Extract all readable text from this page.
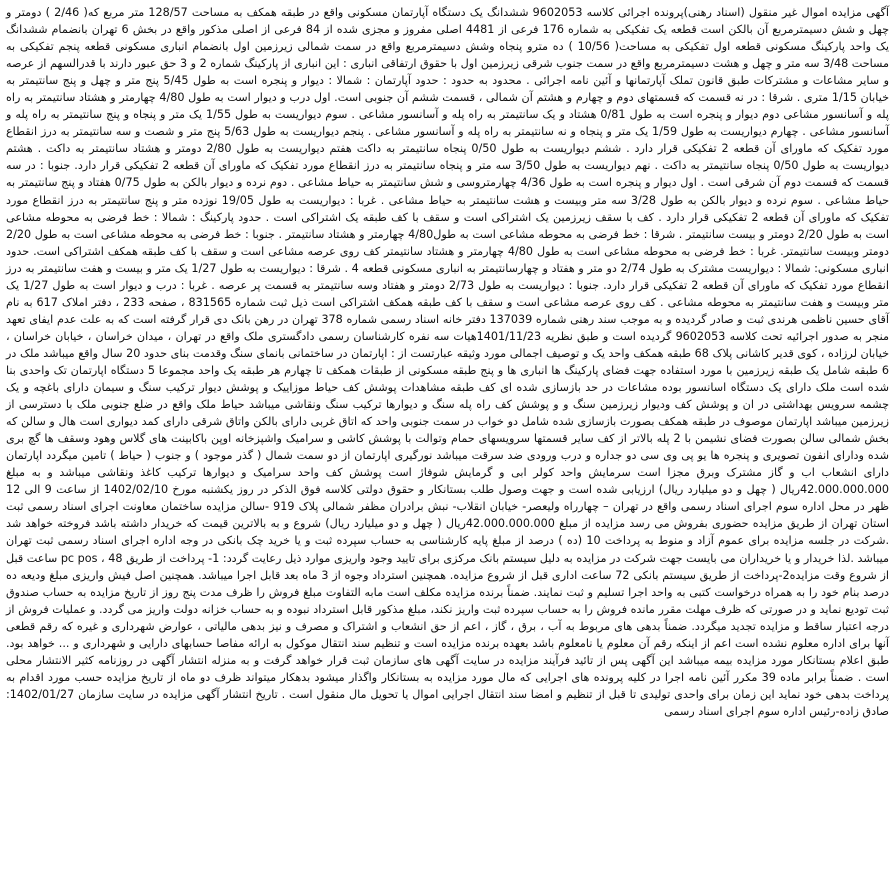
آگهی مزایده اموال غیر منقول (اسناد رهنی)پرونده اجرائی کلاسه 9602053 ششدانگ یک دستگاه آپارتمان مسکونی واقع در طبقه همکف به مساحت 128/57 متر مربع که( 2/46 ) دومتر و چهل و شش دسیمترمربع آن بالکن است قطعه یک تفکیکی به شماره 176 فرعی از 4481 اصلی مفروز و مجزی شده از 84 فرعی از اصلی مذکور واقع در بخش 6 تهران بانضمام ششدانگ یک واحد پارکینگ مسکونی قطعه اول تفکیکی به مساحت( 10/56 ) ده مترو پنجاه وشش دسیمترمربع واقع در سمت شمالی زیرزمین اول بانضمام انباری مسکونی قطعه پنجم تفکیکی به مساحت 3/48 سه متر و چهل و هشت دسیمترمربع واقع در سمت جنوب شرقی زیرزمین اول با حقوق ارتفاقی انباری : این انباری از پارکینگ شماره 2 و 3 حق عبور دارند با قدرالسهم از عرصه و سایر مشاعات و مشترکات طبق قانون تملک آپارتمانها و آئین نامه اجرائی . محدود به حدود : حدود آپارتمان : شمالا : دیوار و پنجره است به طول 5/45 پنج متر و چهل و پنج سانتیمتر به خیابان 1/15 متری . شرقا : در نه قسمت که قسمتهای دوم و چهارم و هشتم آن شمالی ، قسمت ششم آن جنوبی است. اول درب و دیوار است به طول 4/80 چهارمتر و هشتاد سانتیمتر به راه پله و آسانسور مشاعی دوم دیوار و پنجره است به طول 0/81 هشتاد و یک سانتیمتر به راه پله و آسانسور مشاعی . سوم دیواریست به طول 1/55 یک متر و پنجاه و پنج سانتیمتر به راه پله و آسانسور مشاعی . چهارم دیواریست به طول 1/59 یک متر و پنجاه و نه سانتیمتر به راه پله و آسانسور مشاعی . پنجم دیواریست به طول 5/63 پنج متر و شصت و سه سانتیمتر به درز انقطاع مورد تفکیک که ماورای آن قطعه 2 تفکیکی قرار دارد . ششم دیواریست به طول 0/50 پنجاه سانتیمتر به داکت هفتم دیواریست به طول 2/80 دومتر و هشتاد سانتیمتر به داکت . هشتم دیواریست به طول 0/50 پنجاه سانتیمتر به داکت . نهم دیواریست به طول 3/50 سه متر و پنجاه سانتیمتر به درز انقطاع مورد تفکیک که ماورای آن قطعه 2 تفکیکی قرار دارد. جنوبا : در سه قسمت که قسمت دوم آن شرقی است . اول دیوار و پنجره است به طول 4/36 چهارمتروسی و شش سانتیمتر به حیاط مشاعی . دوم نرده و دیوار بالکن به طول 0/75 هفتاد و پنج سانتیمتر به حیاط مشاعی . سوم نرده و دیوار بالکن به طول 3/28 سه متر وبیست و هشت سانتیمتر به حیاط مشاعی . غربا : دیواریست به طول 19/05 نوزده متر و پنج سانتیمتر به درز انقطاع مورد تفکیک که ماورای آن قطعه 2 تفکیکی قرار دارد . کف با سقف زیرزمین یک اشتراکی است و سقف با کف طبقه یک اشتراکی است . حدود پارکینگ : شمالا : خط فرضی به محوطه مشاعی است به طول 2/20 دومتر و بیست سانتیمتر . شرقا : خط فرضی به محوطه مشاعی است به طول4/80 چهارمتر و هشتاد سانتیمتر . جنوبا : خط فرضی به محوطه مشاعی است به طول 2/20 دومتر وبیست سانتیمتر. غربا : خط فرضی به محوطه مشاعی است به طول 4/80 چهارمتر و هشتاد سانتیمتر کف روی عرصه مشاعی است و سقف با کف طبقه همکف اشتراکی است. حدود انباری مسکونی: شمالا : دیواریست مشترک به طول 2/74 دو متر و هفتاد و چهارسانتیمتر به انباری مسکونی قطعه 4 . شرقا : دیواریست به طول 1/27 یک متر و بیست و هفت سانتیمتر به درز انقطاع مورد تفکیک که ماورای آن قطعه 2 تفکیکی قرار دارد. جنوبا : دیواریست به طول 2/73 دومتر و هفتاد وسه سانتیمتر به قسمت پر عرصه . غربا : درب و دیوار است به طول 1/27 یک متر وبیست و هفت سانتیمتر به محوطه مشاعی . کف روی عرصه مشاعی است و سقف با کف طبقه همکف اشتراکی است ذیل ثبت شماره 831565 ، صفحه 233 ، دفتر املاک 617 به نام آقای حسین ناظمی هرندی ثبت و صادر گردیده و به موجب سند رهنی شماره 137039 دفتر خانه اسناد رسمی شماره 378 تهران در رهن بانک دی قرار گرفته است که به علت عدم ایفای تعهد منجر به صدور اجرائیه تحت کلاسه 9602053 گردیده است و طبق نظریه 1401/11/23هیات سه نفره کارشناسان رسمی دادگستری ملک واقع در تهران ، میدان خراسان ، خیابان خراسان ، خیابان لرزاده ، کوی قدیر کاشانی پلاک 68 طبقه همکف واحد یک و توصیف اجمالی مورد وثیقه عبارتست از : اپارتمان در ساختمانی بانمای سنگ وقدمت بنای حدود 20 سال واقع میباشد ملک در 6 طبقه شامل یک طبقه زیرزمین با مورد استفاده جهت فضای پارکینگ ها انباری ها و پنج طبقه مسکونی از طبقات همکف تا چهارم هر طبقه یک واحد مجموعا 5 دستگاه اپارتمان تک واحدی بنا شده است ملک دارای یک دستگاه اسانسور بوده مشاعات در حد بازسازی شده ای کف طبقه مشاهدات پوشش کف حیاط موزاییک و پوشش دیوار ترکیب سنگ و سیمان دارای باغچه و یک چشمه سرویس بهداشتی در ان و پوشش کف ودیوار زیرزمین سنگ و و پوشش کف راه پله سنگ و دیوارها ترکیب سنگ ونقاشی میباشد حیاط ملک واقع در ضلع جنوبی ملک با دسترسی از زیرزمین میباشد اپارتمان موصوف در طبقه همکف بصورت بازسازی شده شامل دو خواب در سمت جنوبی واحد که اتاق غربی دارای بالکن واتاق شرقی دارای کمد دیواری است هال و سالن که بخش شمالی سالن بصورت فضای نشیمن با 2 پله بالاتر از کف سایر قسمتها سرویسهای حمام وتوالت با پوشش کاشی و سرامیک واشپزخانه اوپن باکابینت های گلاس وهود وسقف ها گچ بری شده ودارای انفون تصویری و پنجره ها یو پی وی سی دو جداره و درب ورودی ضد سرقت میباشد نورگیری اپارتمان از دو سمت شمال ( گذر موجود ) و جنوب ( حیاط ) تامین میگردد اپارتمان دارای انشعاب اب و گاز مشترک وبرق مجزا است سرمایش واحد کولر ابی و گرمایش شوفاژ است پوشش کف واحد سرامیک و دیوارها ترکیب کاغذ ونقاشی میباشد و به مبلغ 42.000.000.000ریال ( چهل و دو میلیارد ریال) ارزیابی شده است و جهت وصول طلب بستانکار و حقوق دولتی کلاسه فوق الذکر در روز یکشنبه مورخ 1402/02/10 از ساعت 9 الی 12 ظهر در محل اداره سوم اجرای اسناد رسمی واقع در تهران – چهارراه ولیعصر- خیابان انقلاب- نبش برادران مظفر شمالی پلاک 919 -سالن مزایده ساختمان معاونت اجرای اسناد رسمی ثبت استان تهران از طریق مزایده حضوری بفروش می رسد مزایده از مبلغ 42.000.000.000ریال ( چهل و دو میلیارد ریال) شروع و به بالاترین قیمت که خریدار داشته باشد فروخته خواهد شد .شرکت در جلسه مزایده برای عموم آزاد و منوط به پرداخت 10 (ده ) درصد از مبلغ پایه کارشناسی به حساب سپرده ثبت و یا خرید چک بانکی در وجه اداره اجرای اسناد رسمی ثبت تهران میباشد .لذا خریدار و یا خریداران می بایست جهت شرکت در مزایده به دلیل سیستم بانک مرکزی برای تایید وجود واریزی موارد ذیل رعایت گردد: 1- پرداخت از طریق 48 ، pc pos ساعت قبل از شروع وقت مزایده2-پرداخت از طریق سیستم بانکی 72 ساعت اداری قبل از شروع مزایده. همچنین استرداد وجوه از 3 ماه بعد قابل اجرا میباشد. همچنین اصل فیش واریزی مبلغ ودیعه ده درصد بنام خود را به همراه درخواست کتبی به واحد اجرا تسلیم و ثبت نمایند. ضمناً برنده مزایده مکلف است مابه التفاوت مبلغ فروش را ظرف مدت پنج روز از تاریخ مزایده به حساب صندوق ثبت تودیع نماید و در صورتی که ظرف مهلت مقرر مانده فروش را به حساب سپرده ثبت واریز نکند، مبلغ مذکور قابل استرداد نبوده و به حساب خزانه دولت واریز می گردد. و عملیات فروش از درجه اعتبار ساقط و مزایده تجدید میگردد. ضمناً بدهی های مربوط به آب ، برق ، گاز ، اعم از حق انشعاب و اشتراک و مصرف و نیز بدهی مالیاتی ، عوارض شهرداری و غیره که رقم قطعی آنها برای اداره معلوم نشده است اعم از اینکه رقم آن معلوم یا نامعلوم باشد بعهده برنده مزایده است و تنظیم سند انتقال موکول به ارائه مفاصا حسابهای دارایی و شهرداری و ... خواهد بود. طبق اعلام بستانکار مورد مزایده بیمه میباشد این آگهی پس از تائید فرآیند مزایده در سایت آگهی های سازمان ثبت قرار خواهد گرفت و به منزله انتشار آگهی در روزنامه کثیر الانتشار محلی است . ضمناً برابر ماده 39 مکرر آئین نامه اجرا در کلیه پرونده های اجرایی که مال مورد مزایده به بستانکار واگذار میشود بدهکار میتواند ظرف دو ماه از تاریخ مزایده حسب مورد اقدام به پرداخت بدهی خود نماید این زمان برای واحدی تولیدی تا قبل از تنظیم و امضا سند انتقال اجرایی اموال یا تحویل مال منقول است . تاریخ انتشار آگهی مزایده در سایت سازمان 1402/01/27: صادق زاده-رئیس اداره سوم اجرای اسناد رسمی
